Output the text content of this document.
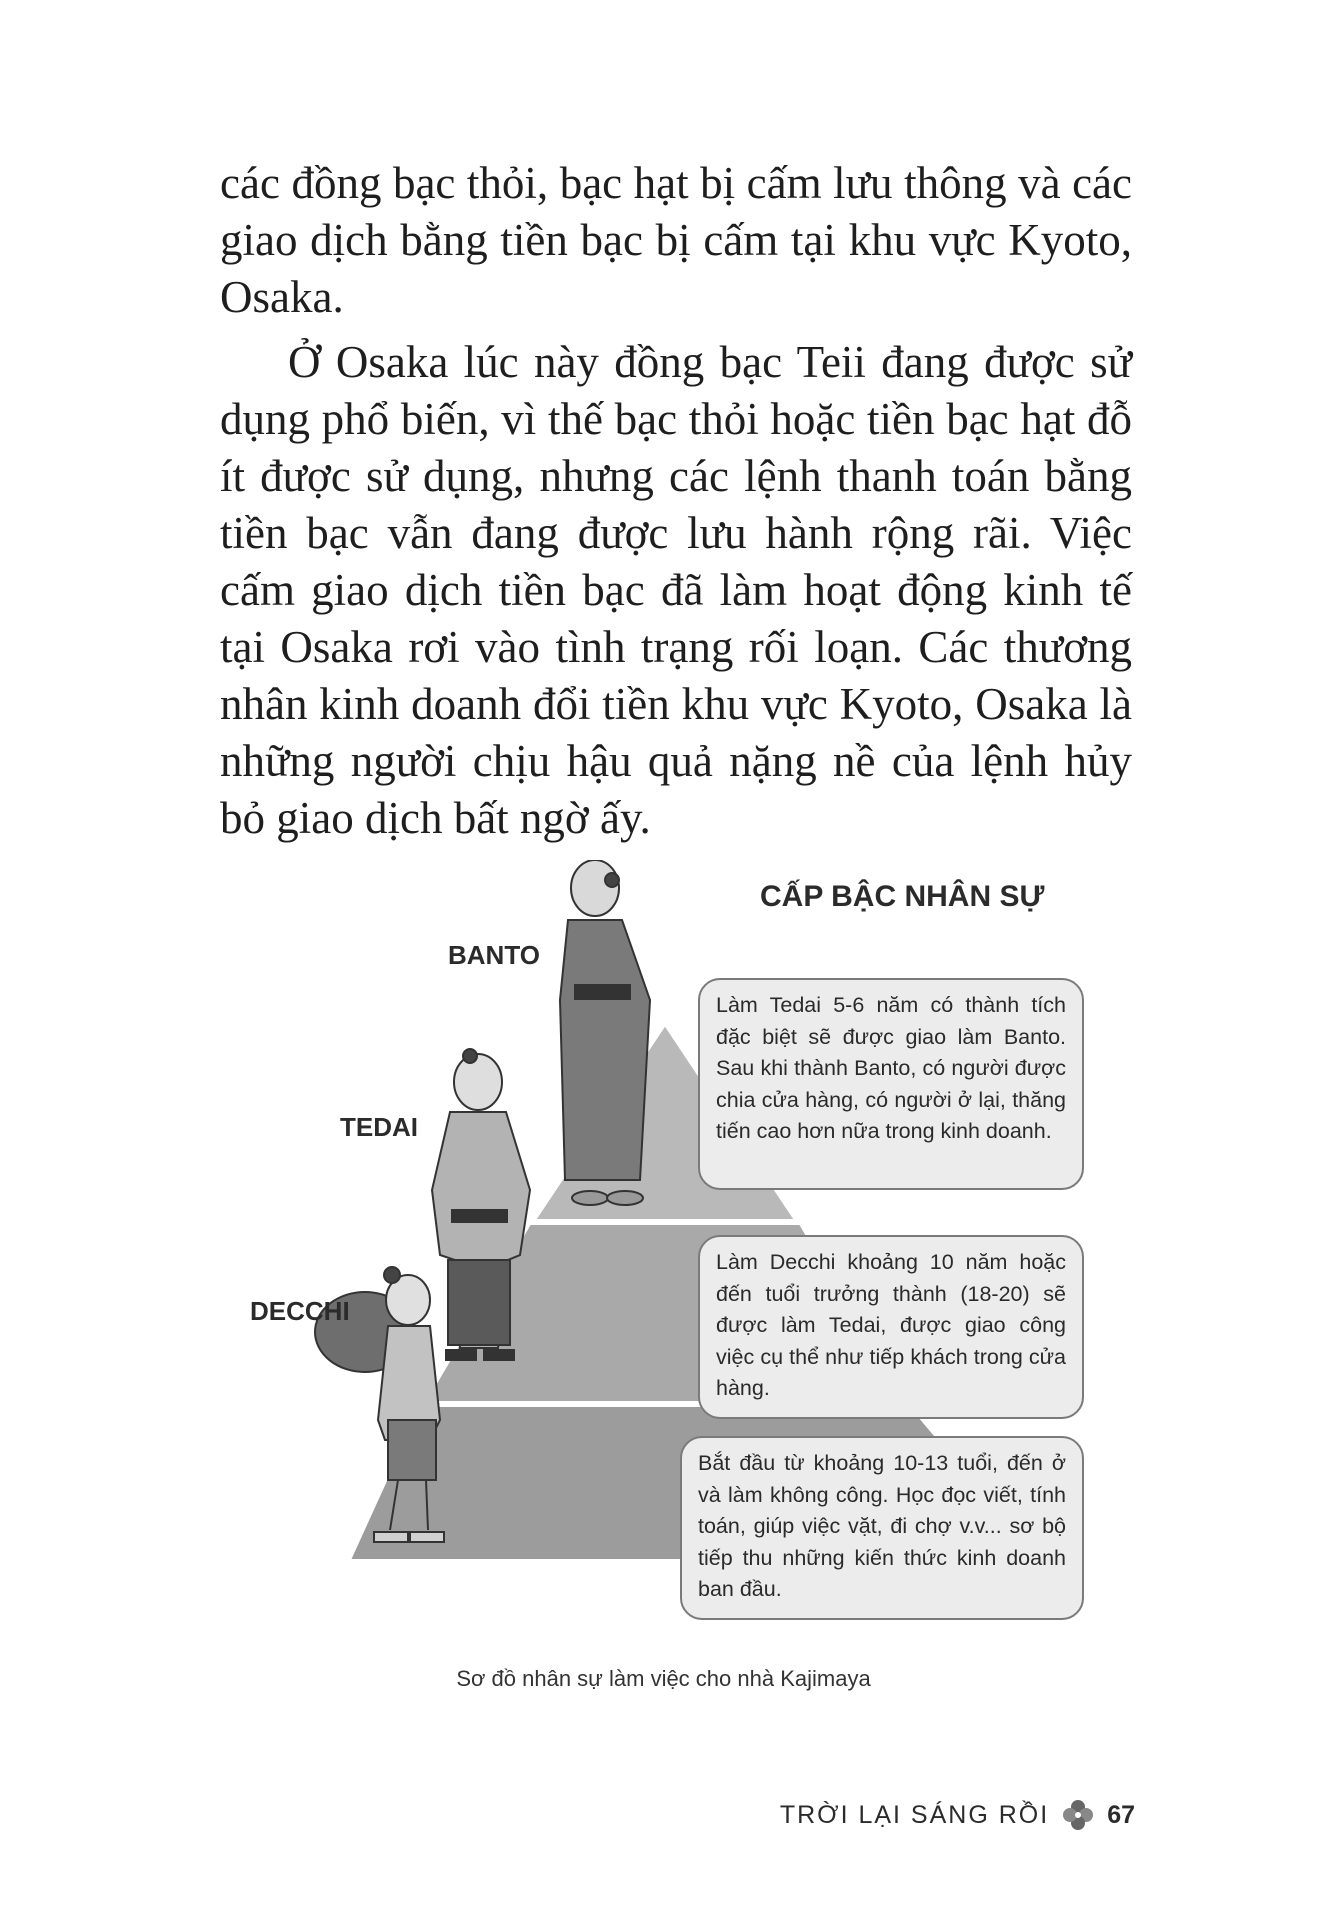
các đồng bạc thỏi, bạc hạt bị cấm lưu thông và các giao dịch bằng tiền bạc bị cấm tại khu vực Kyoto, Osaka.

Ở Osaka lúc này đồng bạc Teii đang được sử dụng phổ biến, vì thế bạc thỏi hoặc tiền bạc hạt đỗ ít được sử dụng, nhưng các lệnh thanh toán bằng tiền bạc vẫn đang được lưu hành rộng rãi. Việc cấm giao dịch tiền bạc đã làm hoạt động kinh tế tại Osaka rơi vào tình trạng rối loạn. Các thương nhân kinh doanh đổi tiền khu vực Kyoto, Osaka là những người chịu hậu quả nặng nề của lệnh hủy bỏ giao dịch bất ngờ ấy.

CẤP BẬC NHÂN SỰ
BANTO
TEDAI
DECCHI
Làm Tedai 5-6 năm có thành tích đặc biệt sẽ được giao làm Banto. Sau khi thành Banto, có người được chia cửa hàng, có người ở lại, thăng tiến cao hơn nữa trong kinh doanh.
Làm Decchi khoảng 10 năm hoặc đến tuổi trưởng thành (18-20) sẽ được làm Tedai, được giao công việc cụ thể như tiếp khách trong cửa hàng.
Bắt đầu từ khoảng 10-13 tuổi, đến ở và làm không công. Học đọc viết, tính toán, giúp việc vặt, đi chợ v.v... sơ bộ tiếp thu những kiến thức kinh doanh ban đầu.
Sơ đồ nhân sự làm việc cho nhà Kajimaya
TRỜI LẠI SÁNG RỒI 67
